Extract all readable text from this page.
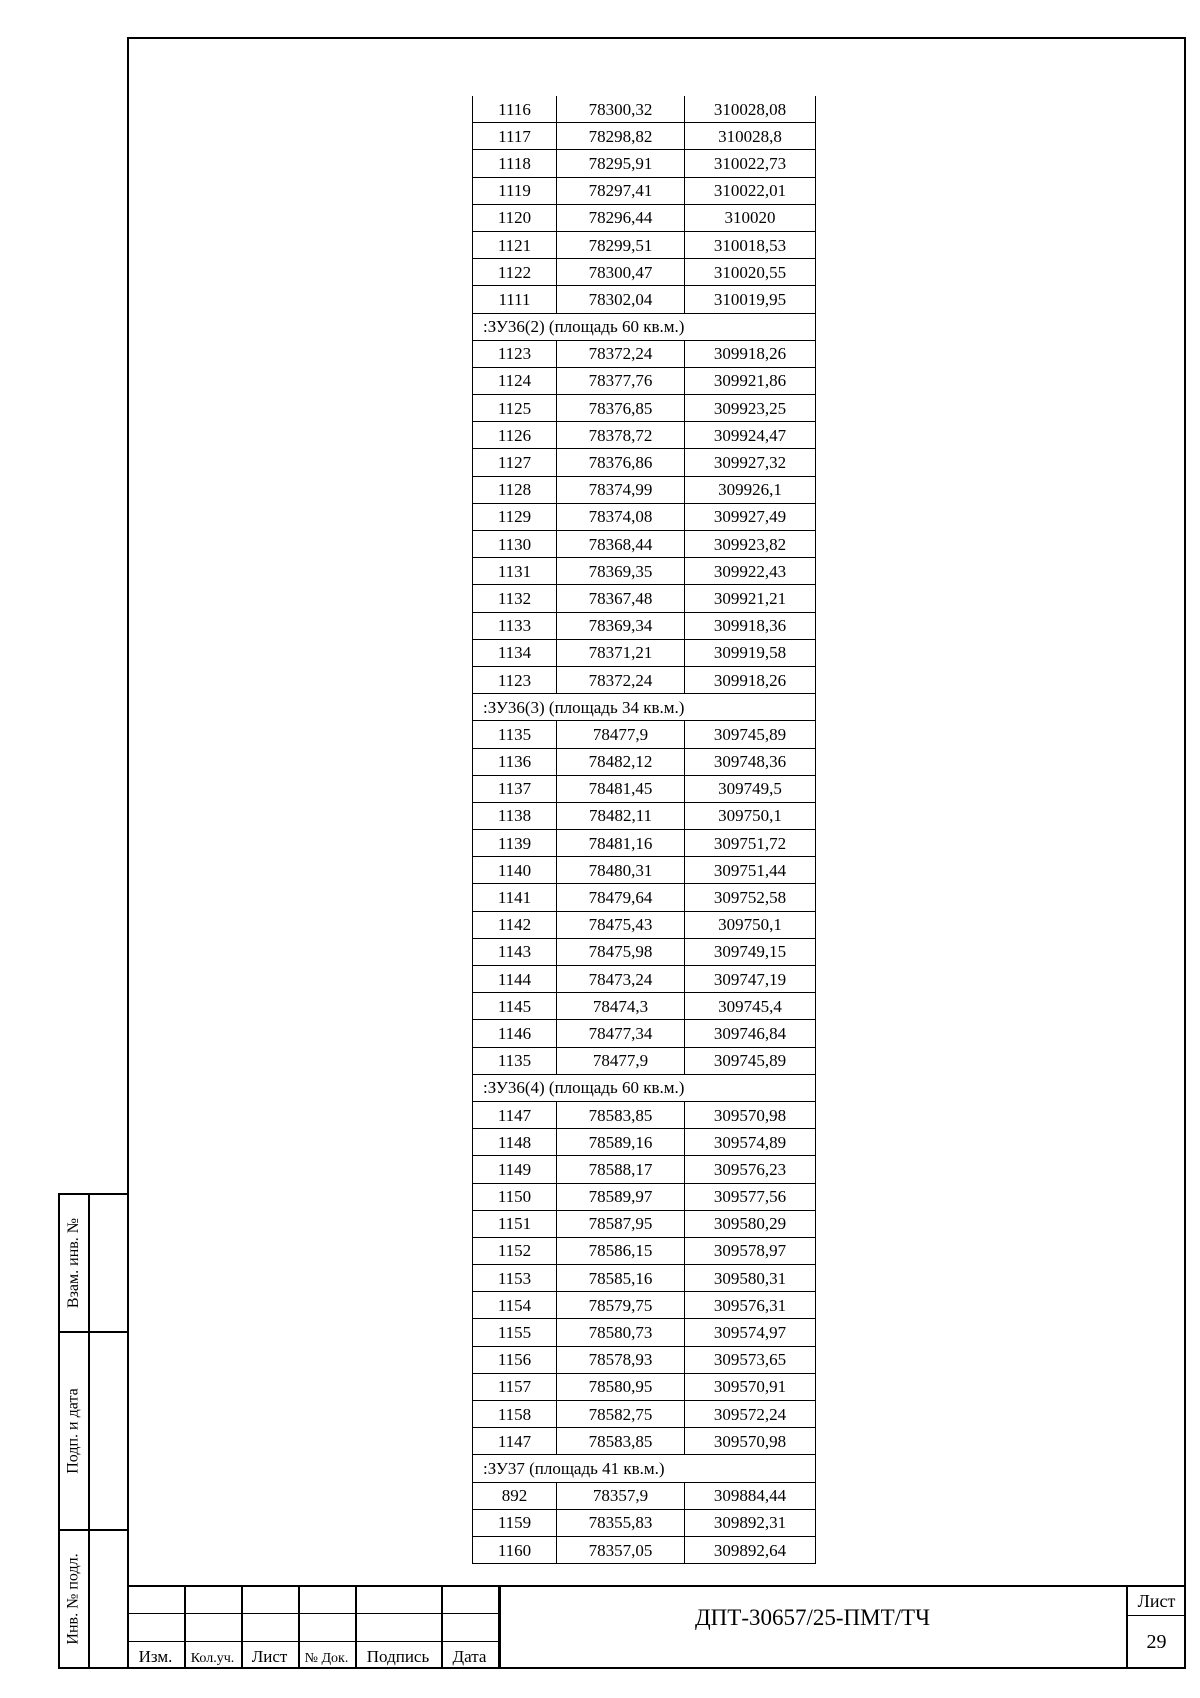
1116	78300,32	310028,08
1117	78298,82	310028,8
1118	78295,91	310022,73
1119	78297,41	310022,01
1120	78296,44	310020
1121	78299,51	310018,53
1122	78300,47	310020,55
1111	78302,04	310019,95
:ЗУ36(2) (площадь 60 кв.м.)		
1123	78372,24	309918,26
1124	78377,76	309921,86
1125	78376,85	309923,25
1126	78378,72	309924,47
1127	78376,86	309927,32
1128	78374,99	309926,1
1129	78374,08	309927,49
1130	78368,44	309923,82
1131	78369,35	309922,43
1132	78367,48	309921,21
1133	78369,34	309918,36
1134	78371,21	309919,58
1123	78372,24	309918,26
:ЗУ36(3) (площадь 34 кв.м.)		
1135	78477,9	309745,89
1136	78482,12	309748,36
1137	78481,45	309749,5
1138	78482,11	309750,1
1139	78481,16	309751,72
1140	78480,31	309751,44
1141	78479,64	309752,58
1142	78475,43	309750,1
1143	78475,98	309749,15
1144	78473,24	309747,19
1145	78474,3	309745,4
1146	78477,34	309746,84
1135	78477,9	309745,89
:ЗУ36(4) (площадь 60 кв.м.)		
1147	78583,85	309570,98
1148	78589,16	309574,89
1149	78588,17	309576,23
1150	78589,97	309577,56
1151	78587,95	309580,29
1152	78586,15	309578,97
1153	78585,16	309580,31
1154	78579,75	309576,31
1155	78580,73	309574,97
1156	78578,93	309573,65
1157	78580,95	309570,91
1158	78582,75	309572,24
1147	78583,85	309570,98
:ЗУ37 (площадь 41 кв.м.)		
892	78357,9	309884,44
1159	78355,83	309892,31
1160	78357,05	309892,64
Взам. инв. №
Подп. и дата
Инв. № подл.
Изм.	Кол.уч.	Лист	№ Док.	Подпись	Дата
ДПТ-30657/25-ПМТ/ТЧ
Лист
29
